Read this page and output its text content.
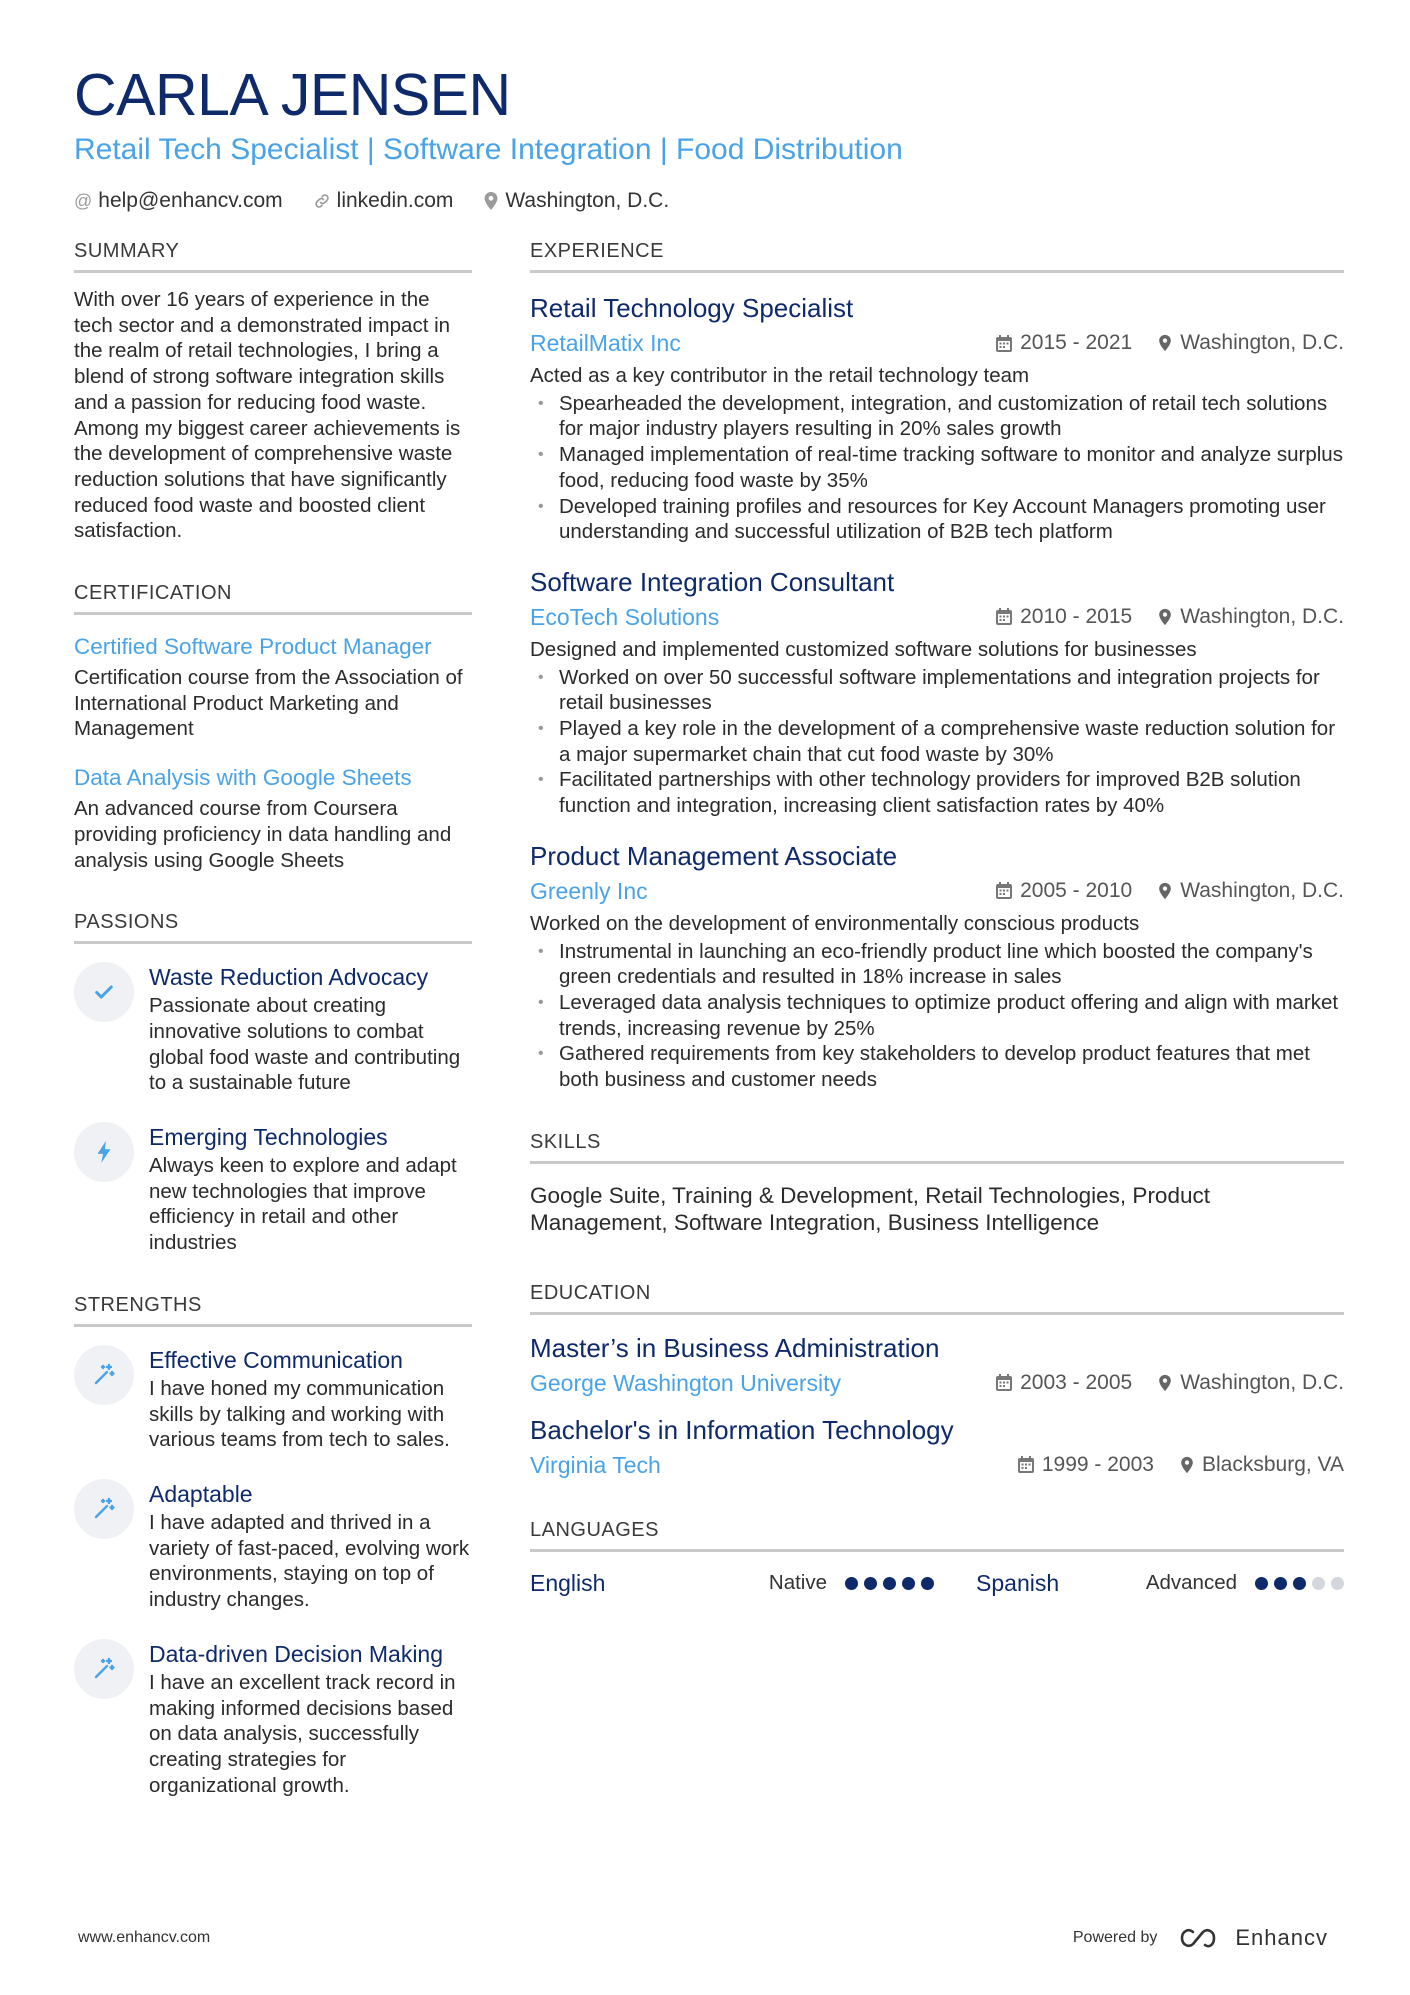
CARLA JENSEN
Retail Tech Specialist | Software Integration | Food Distribution
@ help@enhancv.com	linkedin.com Washington, D.C.
SUMMARY
With over 16 years of experience in the tech sector and a demonstrated impact in the realm of retail technologies, I bring a blend of strong software integration skills and a passion for reducing food waste. Among my biggest career achievements is the development of comprehensive waste reduction solutions that have significantly reduced food waste and boosted client satisfaction.
CERTIFICATION
Certified Software Product Manager
Certification course from the Association of International Product Marketing and Management
Data Analysis with Google Sheets
An advanced course from Coursera providing proficiency in data handling and analysis using Google Sheets
PASSIONS
Waste Reduction Advocacy
Passionate about creating innovative solutions to combat global food waste and contributing to a sustainable future
Emerging Technologies
Always keen to explore and adapt new technologies that improve efficiency in retail and other industries
STRENGTHS
Effective Communication
I have honed my communication skills by talking and working with various teams from tech to sales.
Adaptable
I have adapted and thrived in a variety of fast-paced, evolving work environments, staying on top of industry changes.
Data-driven Decision Making
I have an excellent track record in making informed decisions based on data analysis, successfully creating strategies for organizational growth.
EXPERIENCE
Retail Technology Specialist
RetailMatix Inc	2015 - 2021 Washington, D.C.
Acted as a key contributor in the retail technology team
• Spearheaded the development, integration, and customization of retail tech solutions for major industry players resulting in 20% sales growth
• Managed implementation of real-time tracking software to monitor and analyze surplus food, reducing food waste by 35%
• Developed training profiles and resources for Key Account Managers promoting user understanding and successful utilization of B2B tech platform
Software Integration Consultant
EcoTech Solutions	2010 - 2015 Washington, D.C.
Designed and implemented customized software solutions for businesses
• Worked on over 50 successful software implementations and integration projects for retail businesses
• Played a key role in the development of a comprehensive waste reduction solution for a major supermarket chain that cut food waste by 30%
• Facilitated partnerships with other technology providers for improved B2B solution function and integration, increasing client satisfaction rates by 40%
Product Management Associate
Greenly Inc	2005 - 2010 Washington, D.C.
Worked on the development of environmentally conscious products
• Instrumental in launching an eco-friendly product line which boosted the company's green credentials and resulted in 18% increase in sales
• Leveraged data analysis techniques to optimize product offering and align with market trends, increasing revenue by 25%
• Gathered requirements from key stakeholders to develop product features that met both business and customer needs
SKILLS
Google Suite, Training & Development, Retail Technologies, Product Management, Software Integration, Business Intelligence
EDUCATION
Master’s in Business Administration
George Washington University	2003 - 2005 Washington, D.C.
Bachelor's in Information Technology
Virginia Tech	1999 - 2003 Blacksburg, VA
LANGUAGES
English	Native	Spanish	Advanced
www.enhancv.com	Powered by	Enhancv
